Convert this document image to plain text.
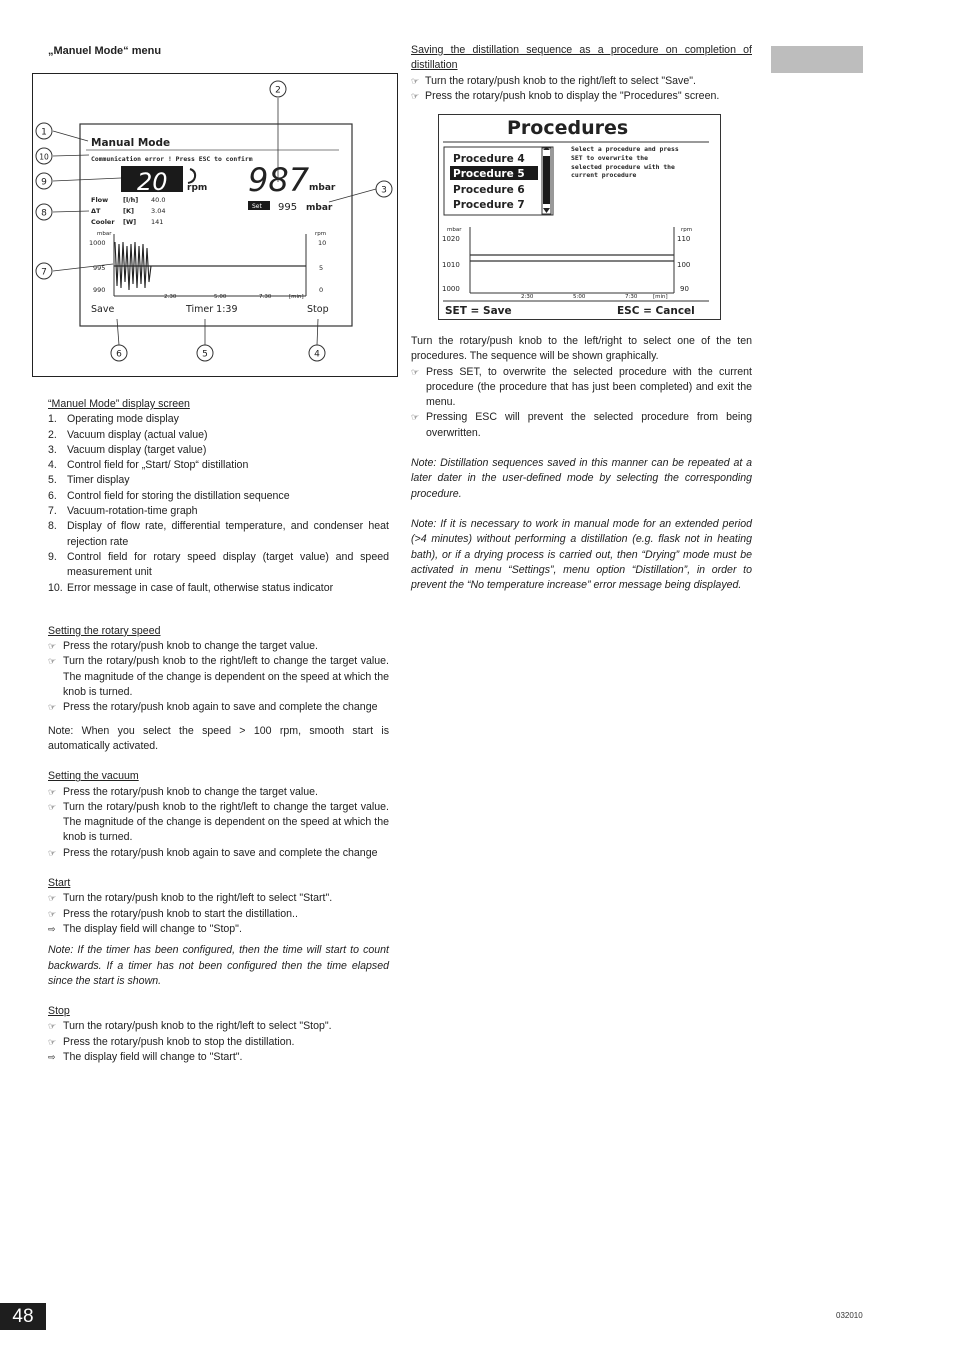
„Manuel Mode“ menu
Manual Mode
Communication error ! Press ESC to confirm
20 rpm 987 mbar
Flow [l/h] 40.0
ΔT	[K]	3.04
Cooler [W] 141
Set 995 mbar
mbar
1000
995
990
rpm
10
5
0
2:30	5:00	7:30	[min]
Save	Timer 1:39	Stop
1
2
3
4
5
6
7
8
9
10
“Manuel Mode” display screen
1. Operating mode display
2. Vacuum display (actual value)
3. Vacuum display (target value)
4. Control field for „Start/ Stop“ distillation
5. Timer display
6. Control field for storing the distillation sequence
7. Vacuum-rotation-time graph
8. Display of flow rate, differential temperature, and condenser heat rejection rate
9. Control field for rotary speed display (target value) and speed measurement unit
10. Error message in case of fault, otherwise status indicator
Setting the rotary speed
☞ Press the rotary/push knob to change the target value.
☞ Turn the rotary/push knob to the right/left to change the target value. The magnitude of the change is dependent on the speed at which the knob is turned.
☞ Press the rotary/push knob again to save and complete the change
Note: When you select the speed > 100 rpm, smooth start is automatically activated.
Setting the vacuum
☞ Press the rotary/push knob to change the target value.
☞ Turn the rotary/push knob to the right/left to change the target value. The magnitude of the change is dependent on the speed at which the knob is turned.
☞ Press the rotary/push knob again to save and complete the change
Start
☞ Turn the rotary/push knob to the right/left to select "Start".
☞ Press the rotary/push knob to start the distillation..
⇨ The display field will change to "Stop".
Note: If the timer has been configured, then the time will start to count backwards. If a timer has not been configured then the time elapsed since the start is shown.
Stop
☞ Turn the rotary/push knob to the right/left to select "Stop".
☞ Press the rotary/push knob to stop the distillation.
⇨ The display field will change to "Start".
Saving the distillation sequence as a procedure on completion of distillation
☞ Turn the rotary/push knob to the right/left to select "Save".
☞ Press the rotary/push knob to display the "Procedures" screen.
Procedures
Procedure 4
Procedure 5
Procedure 6
Procedure 7
Select a procedure and press SET to overwrite the selected procedure with the current procedure
mbar
1020
1010
1000
rpm
110
100
90
2:30	5:00	7:30	[min]
SET = Save	ESC = Cancel
Turn the rotary/push knob to the left/right to select one of the ten procedures. The sequence will be shown graphically.
☞ Press SET, to overwrite the selected procedure with the current procedure (the procedure that has just been completed) and exit the menu.
☞ Pressing ESC will prevent the selected procedure from being overwritten.
Note: Distillation sequences saved in this manner can be repeated at a later dater in the user-defined mode by selecting the corresponding procedure.
Note: If it is necessary to work in manual mode for an extended period (>4 minutes) without performing a distillation (e.g. flask not in heating bath), or if a drying process is carried out, then “Drying” mode must be activated in menu “Settings”, menu option “Distillation”, in order to prevent the “No temperature increase” error message being displayed.
48	032010
